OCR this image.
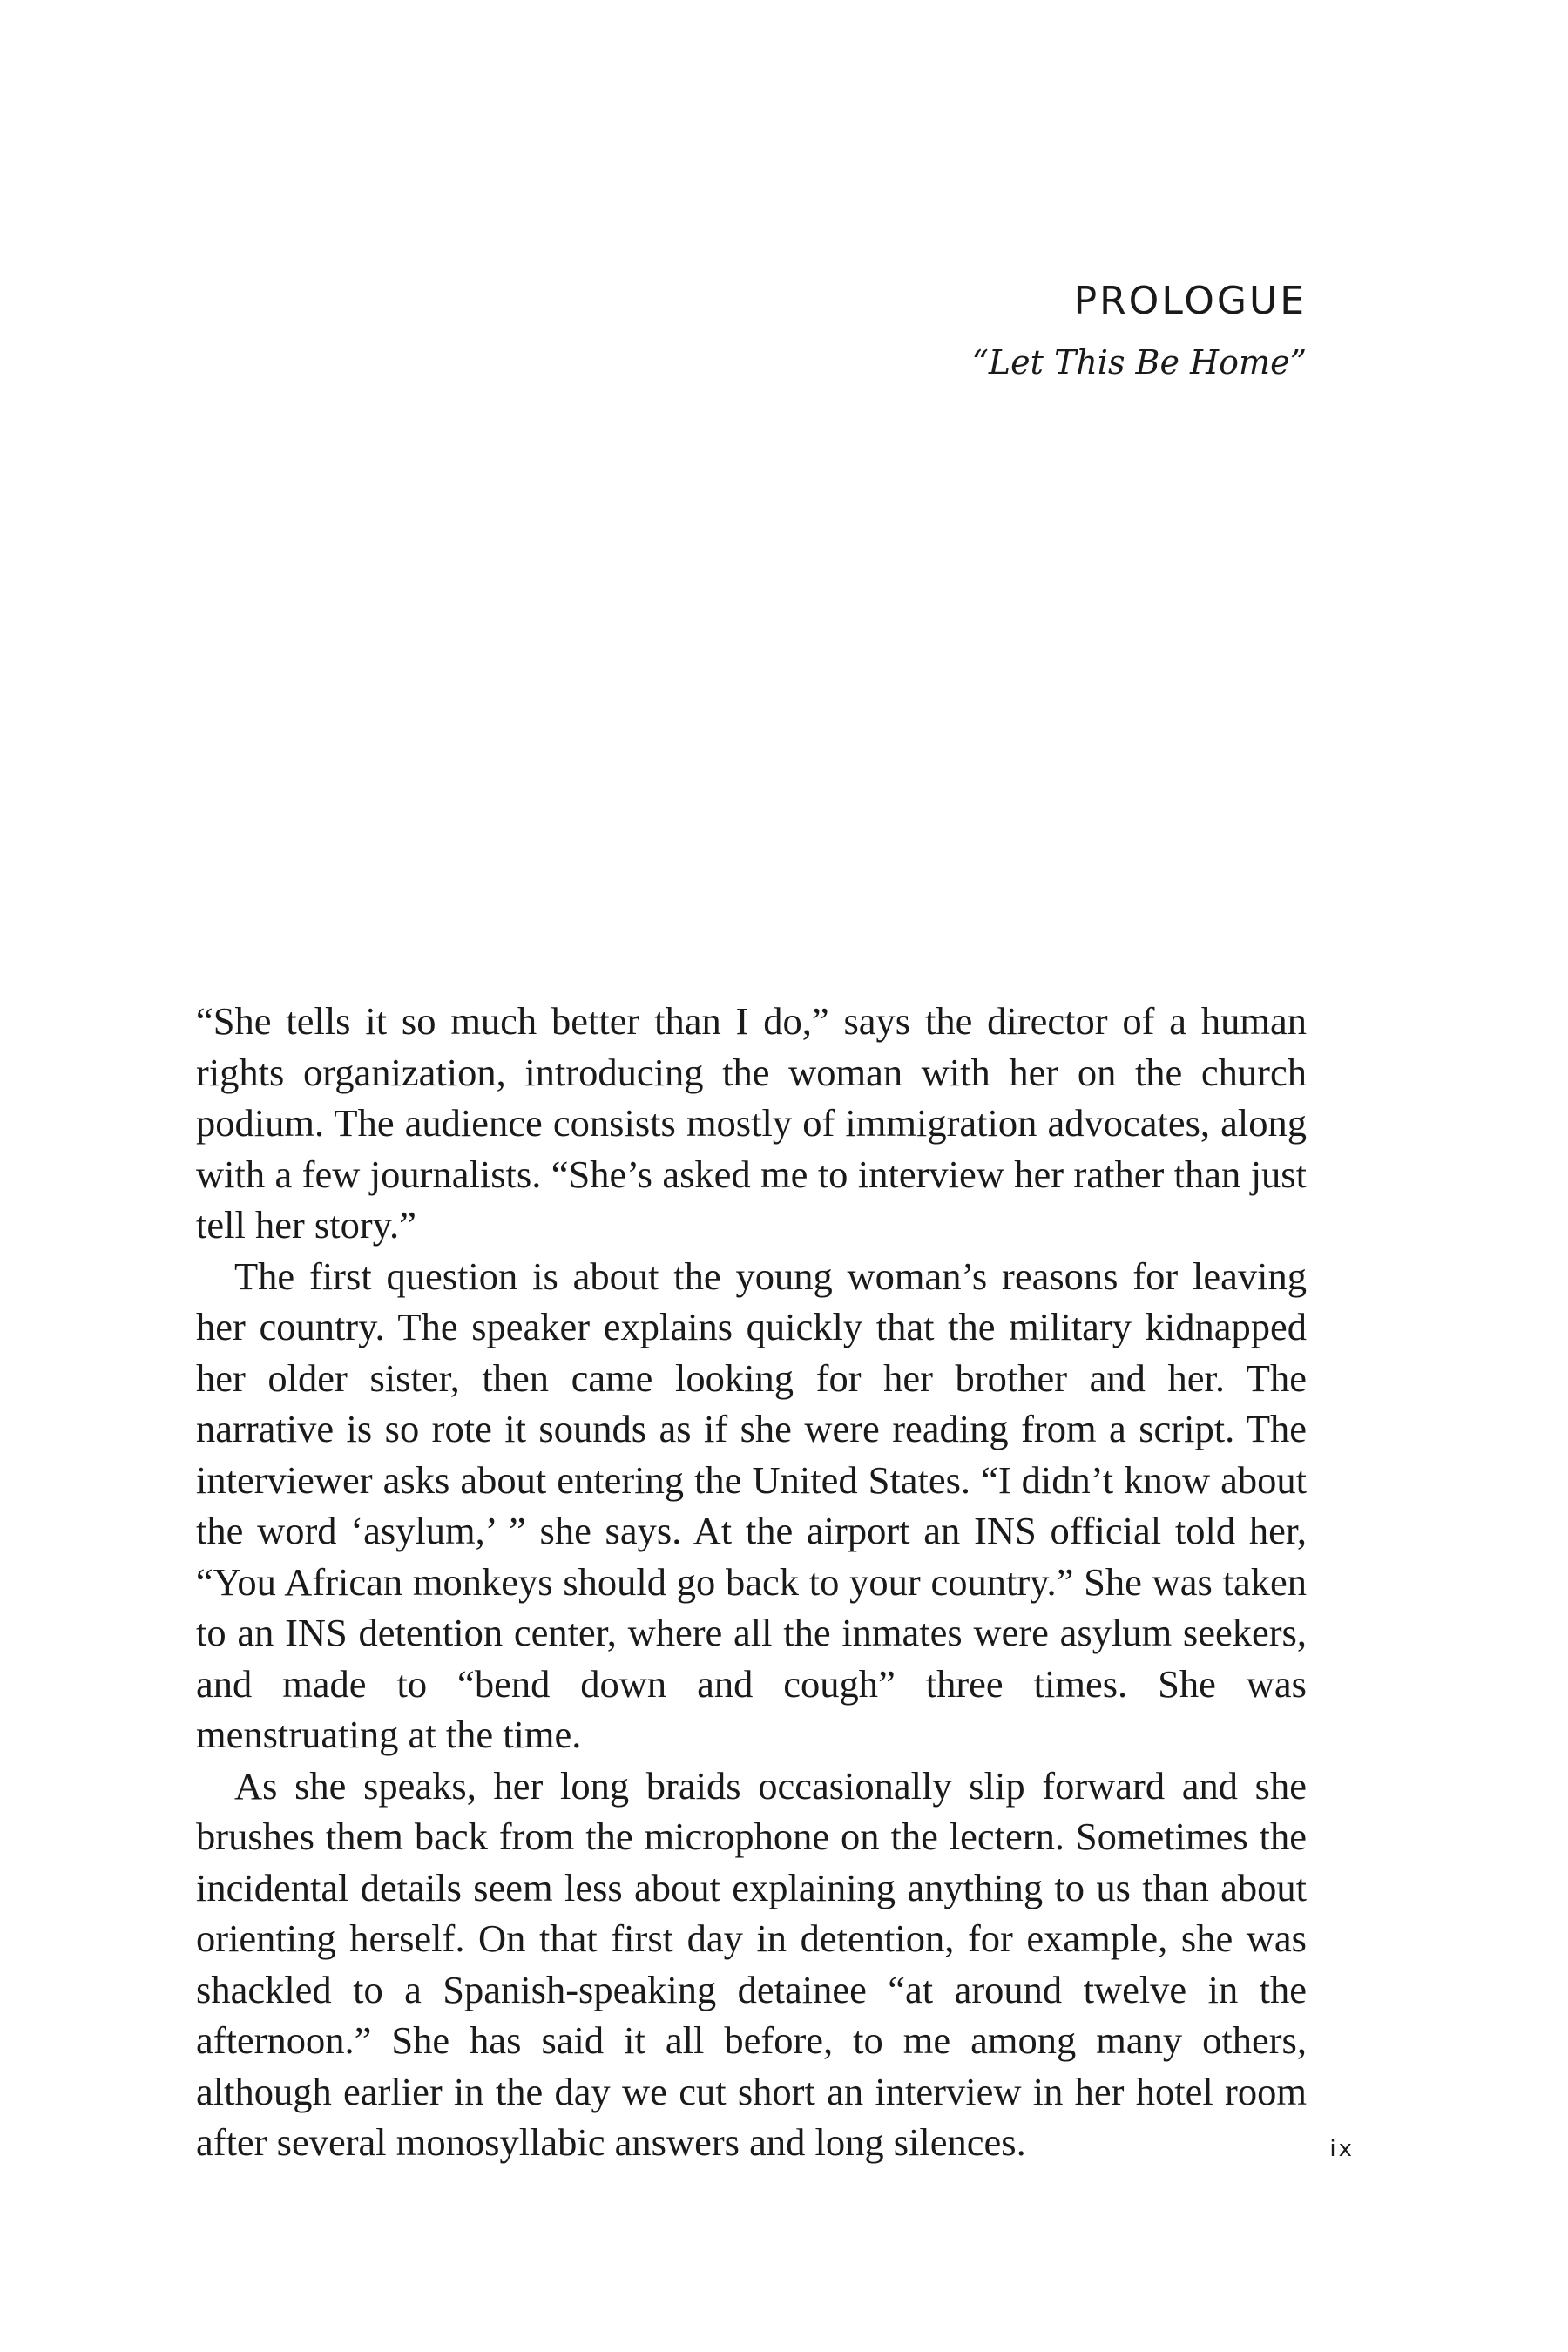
PROLOGUE

“Let This Be Home”

“She tells it so much better than I do,” says the director of a human rights organization, introducing the woman with her on the church podium. The audience consists mostly of immigration advocates, along with a few journalists. “She’s asked me to interview her rather than just tell her story.”

The first question is about the young woman’s reasons for leaving her country. The speaker explains quickly that the military kidnapped her older sister, then came looking for her brother and her. The narrative is so rote it sounds as if she were reading from a script. The interviewer asks about entering the United States. “I didn’t know about the word ‘asylum,’ ” she says. At the airport an INS official told her, “You African monkeys should go back to your country.” She was taken to an INS detention center, where all the inmates were asylum seekers, and made to “bend down and cough” three times. She was menstruating at the time.

As she speaks, her long braids occasionally slip forward and she brushes them back from the microphone on the lectern. Sometimes the incidental details seem less about explaining anything to us than about orienting herself. On that first day in detention, for example, she was shackled to a Spanish-speaking detainee “at around twelve in the afternoon.” She has said it all before, to me among many others, although earlier in the day we cut short an interview in her hotel room after several monosyllabic answers and long silences.	ix
